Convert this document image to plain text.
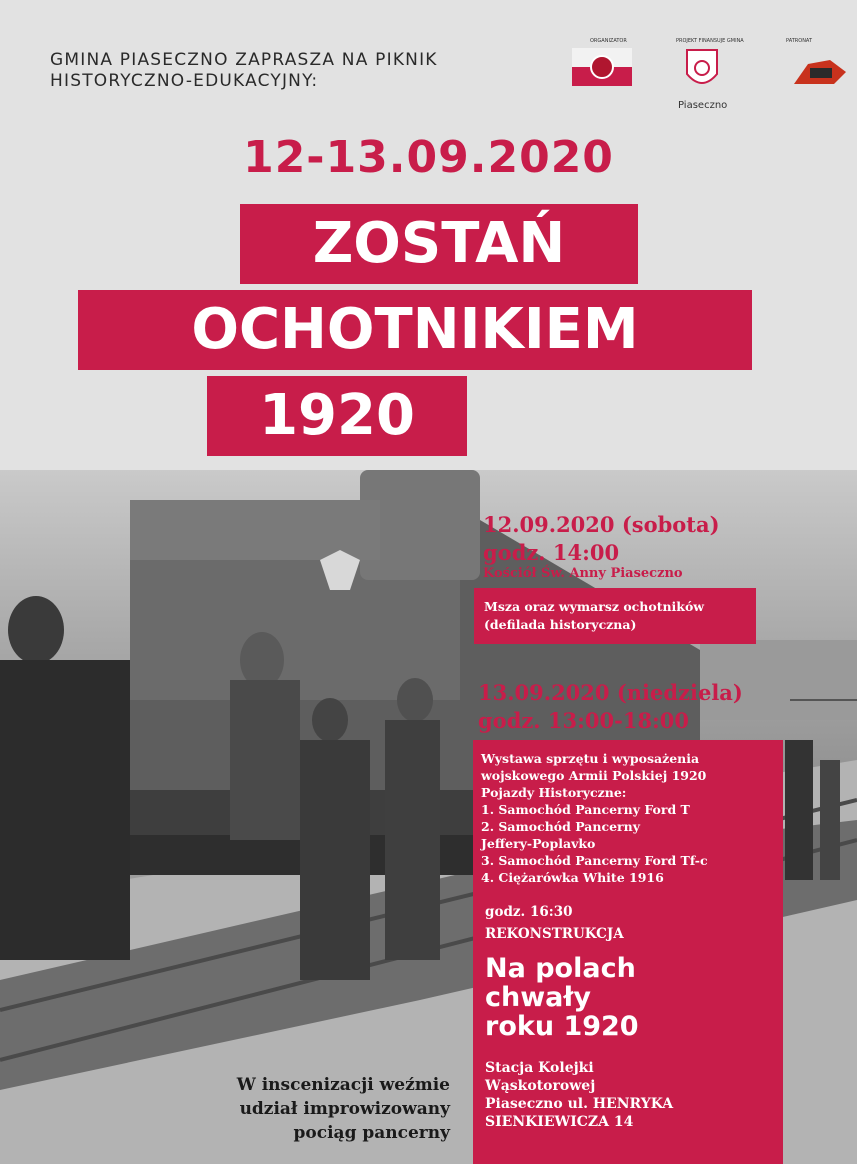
GMINA PIASECZNO ZAPRASZA NA PIKNIK
HISTORYCZNO-EDUKACYJNY:
ORGANIZATOR	PROJEKT FINANSUJE GMINA
Piaseczno
PATRONAT
12-13.09.2020
ZOSTAŃ
OCHOTNIKIEM
1920
12.09.2020 (sobota)
godz. 14:00
Kościół Św. Anny Piaseczno
Msza oraz wymarsz ochotników
(defilada historyczna)
13.09.2020 (niedziela)
godz. 13:00-18:00
Wystawa sprzętu i wyposażenia
wojskowego Armii Polskiej 1920
Pojazdy Historyczne:
1. Samochód Pancerny Ford T
2. Samochód Pancerny
Jeffery-Poplavko
3. Samochód Pancerny Ford Tf-c
4. Ciężarówka White 1916
godz. 16:30
REKONSTRUKCJA
Na polach
chwały
roku 1920
Stacja Kolejki
Wąskotorowej
Piaseczno ul. HENRYKA
SIENKIEWICZA 14
W inscenizacji weźmie
udział improwizowany
pociąg pancerny
